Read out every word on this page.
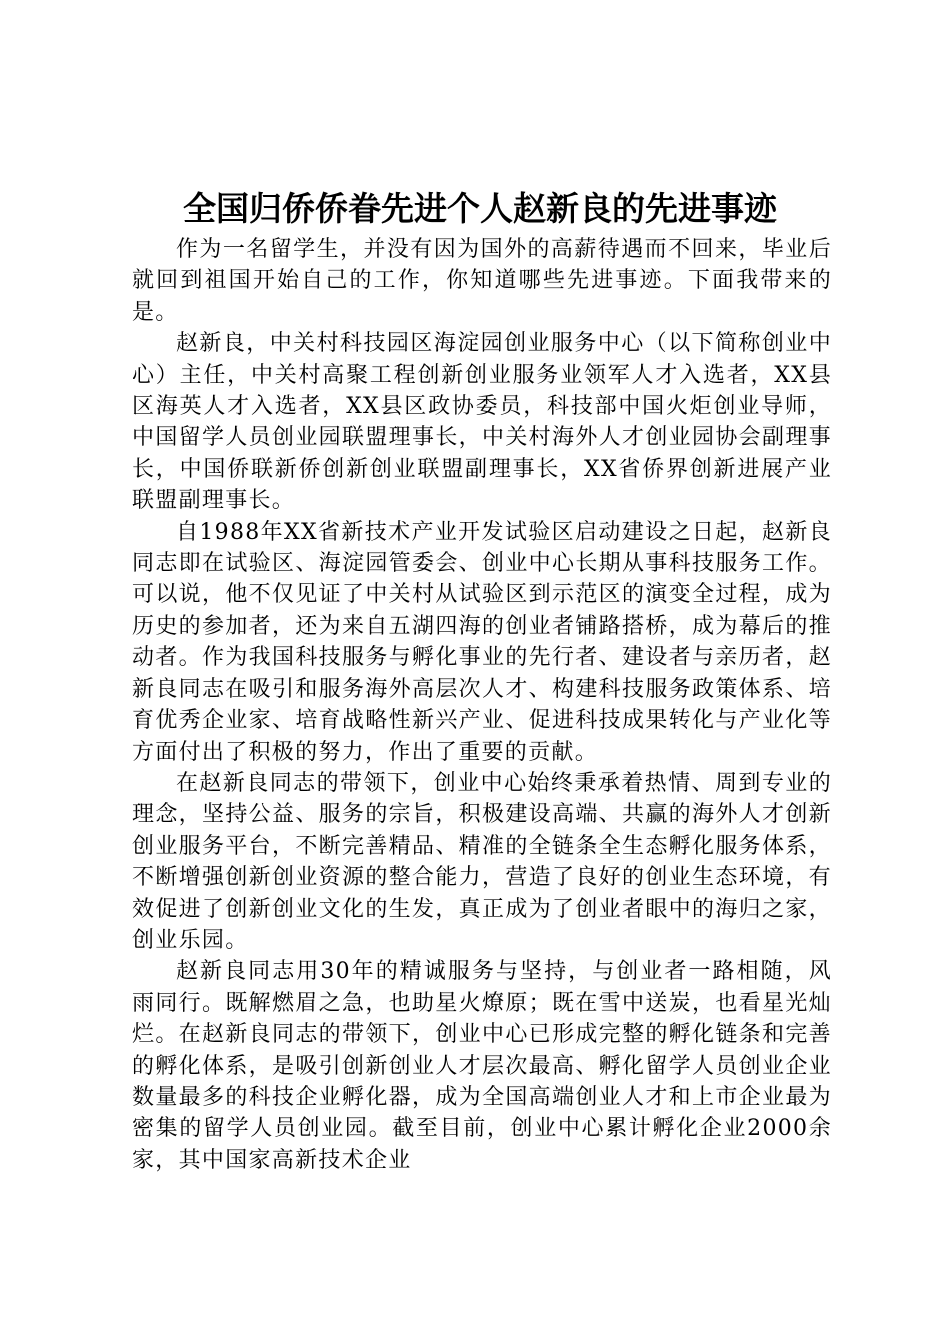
全国归侨侨眷先进个人赵新良的先进事迹

作为一名留学生，并没有因为国外的高薪待遇而不回来，毕业后就回到祖国开始自己的工作，你知道哪些先进事迹。下面我带来的是。

赵新良，中关村科技园区海淀园创业服务中心（以下简称创业中心）主任，中关村高聚工程创新创业服务业领军人才入选者，XX县区海英人才入选者，XX县区政协委员，科技部中国火炬创业导师，中国留学人员创业园联盟理事长，中关村海外人才创业园协会副理事长，中国侨联新侨创新创业联盟副理事长，XX省侨界创新进展产业联盟副理事长。

自1988年XX省新技术产业开发试验区启动建设之日起，赵新良同志即在试验区、海淀园管委会、创业中心长期从事科技服务工作。可以说，他不仅见证了中关村从试验区到示范区的演变全过程，成为历史的参加者，还为来自五湖四海的创业者铺路搭桥，成为幕后的推动者。作为我国科技服务与孵化事业的先行者、建设者与亲历者，赵新良同志在吸引和服务海外高层次人才、构建科技服务政策体系、培育优秀企业家、培育战略性新兴产业、促进科技成果转化与产业化等方面付出了积极的努力，作出了重要的贡献。

在赵新良同志的带领下，创业中心始终秉承着热情、周到专业的理念，坚持公益、服务的宗旨，积极建设高端、共赢的海外人才创新创业服务平台，不断完善精品、精准的全链条全生态孵化服务体系，不断增强创新创业资源的整合能力，营造了良好的创业生态环境，有效促进了创新创业文化的生发，真正成为了创业者眼中的海归之家，创业乐园。

赵新良同志用30年的精诚服务与坚持，与创业者一路相随，风雨同行。既解燃眉之急，也助星火燎原；既在雪中送炭，也看星光灿烂。在赵新良同志的带领下，创业中心已形成完整的孵化链条和完善的孵化体系，是吸引创新创业人才层次最高、孵化留学人员创业企业数量最多的科技企业孵化器，成为全国高端创业人才和上市企业最为密集的留学人员创业园。截至目前，创业中心累计孵化企业2000余家，其中国家高新技术企业
